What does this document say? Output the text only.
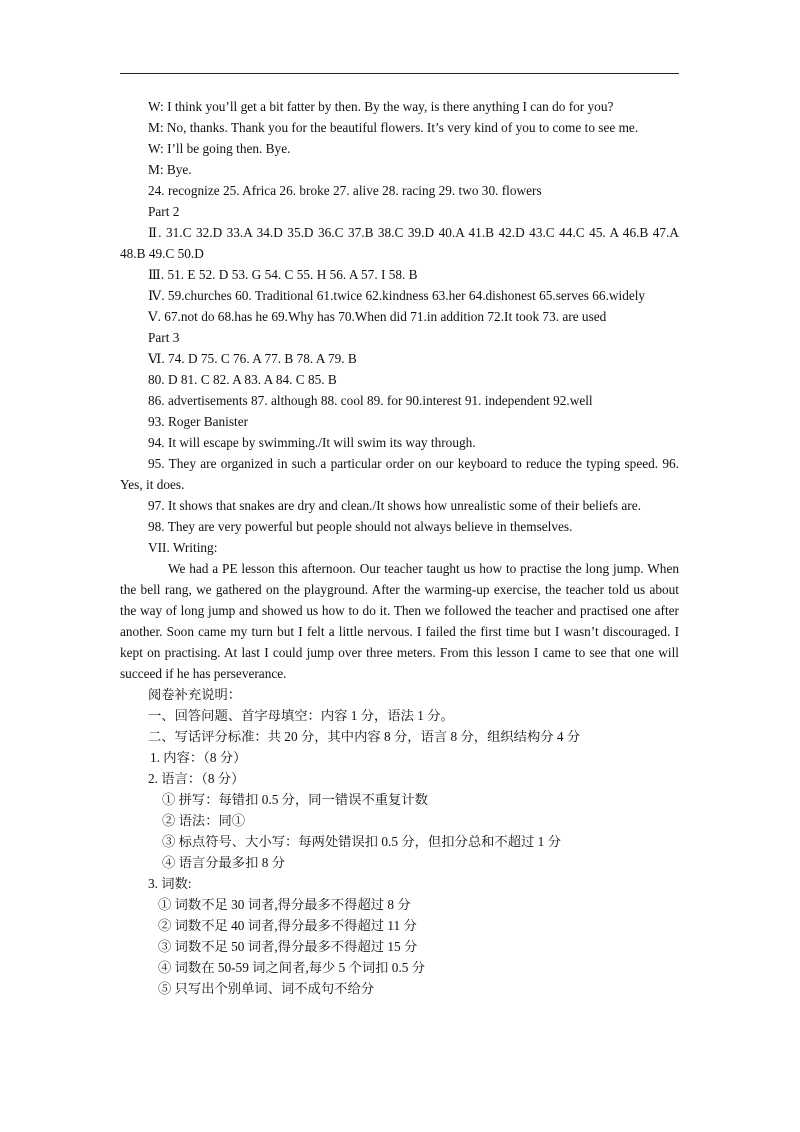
W: I think you’ll get a bit fatter by then. By the way, is there anything I can do for you?
M: No, thanks. Thank you for the beautiful flowers. It’s very kind of you to come to see me.
W: I’ll be going then. Bye.
M: Bye.
24. recognize 25. Africa 26. broke 27. alive 28. racing 29. two 30. flowers
Part 2
Ⅱ. 31.C 32.D 33.A 34.D 35.D 36.C 37.B 38.C 39.D 40.A 41.B 42.D 43.C 44.C 45. A 46.B 47.A 48.B 49.C 50.D
Ⅲ. 51. E 52. D 53. G 54. C 55. H 56. A 57. I 58. B
Ⅳ. 59.churches 60. Traditional 61.twice 62.kindness 63.her 64.dishonest 65.serves 66.widely
Ⅴ. 67.not do 68.has he 69.Why has 70.When did 71.in addition 72.It took 73. are used
Part 3
Ⅵ. 74. D 75. C 76. A 77. B 78. A 79. B
80. D 81. C 82. A 83. A 84. C 85. B
86. advertisements 87. although 88. cool 89. for 90.interest 91. independent 92.well
93. Roger Banister
94. It will escape by swimming./It will swim its way through.
95. They are organized in such a particular order on our keyboard to reduce the typing speed. 96. Yes, it does.
97. It shows that snakes are dry and clean./It shows how unrealistic some of their beliefs are.
98. They are very powerful but people should not always believe in themselves.
VII. Writing:
We had a PE lesson this afternoon. Our teacher taught us how to practise the long jump. When the bell rang, we gathered on the playground. After the warming-up exercise, the teacher told us about the way of long jump and showed us how to do it. Then we followed the teacher and practised one after another. Soon came my turn but I felt a little nervous. I failed the first time but I wasn’t discouraged. I kept on practising. At last I could jump over three meters. From this lesson I came to see that one will succeed if he has perseverance.
阅卷补充说明：
一、回答问题、首字母填空：内容 1 分，语法 1 分。
二、写话评分标准：共 20 分，其中内容 8 分，语言 8 分，组织结构分 4 分
1. 内容：（8 分）
2. 语言：（8 分）
① 拼写：每错扣 0.5 分，同一错误不重复计数
② 语法：同①
③ 标点符号、大小写：每两处错误扣 0.5 分，但扣分总和不超过 1 分
④ 语言分最多扣 8 分
3. 词数:
① 词数不足 30 词者,得分最多不得超过 8 分
② 词数不足 40 词者,得分最多不得超过 11 分
③ 词数不足 50 词者,得分最多不得超过 15 分
④ 词数在 50-59 词之间者,每少 5 个词扣 0.5 分
⑤ 只写出个别单词、词不成句不给分
